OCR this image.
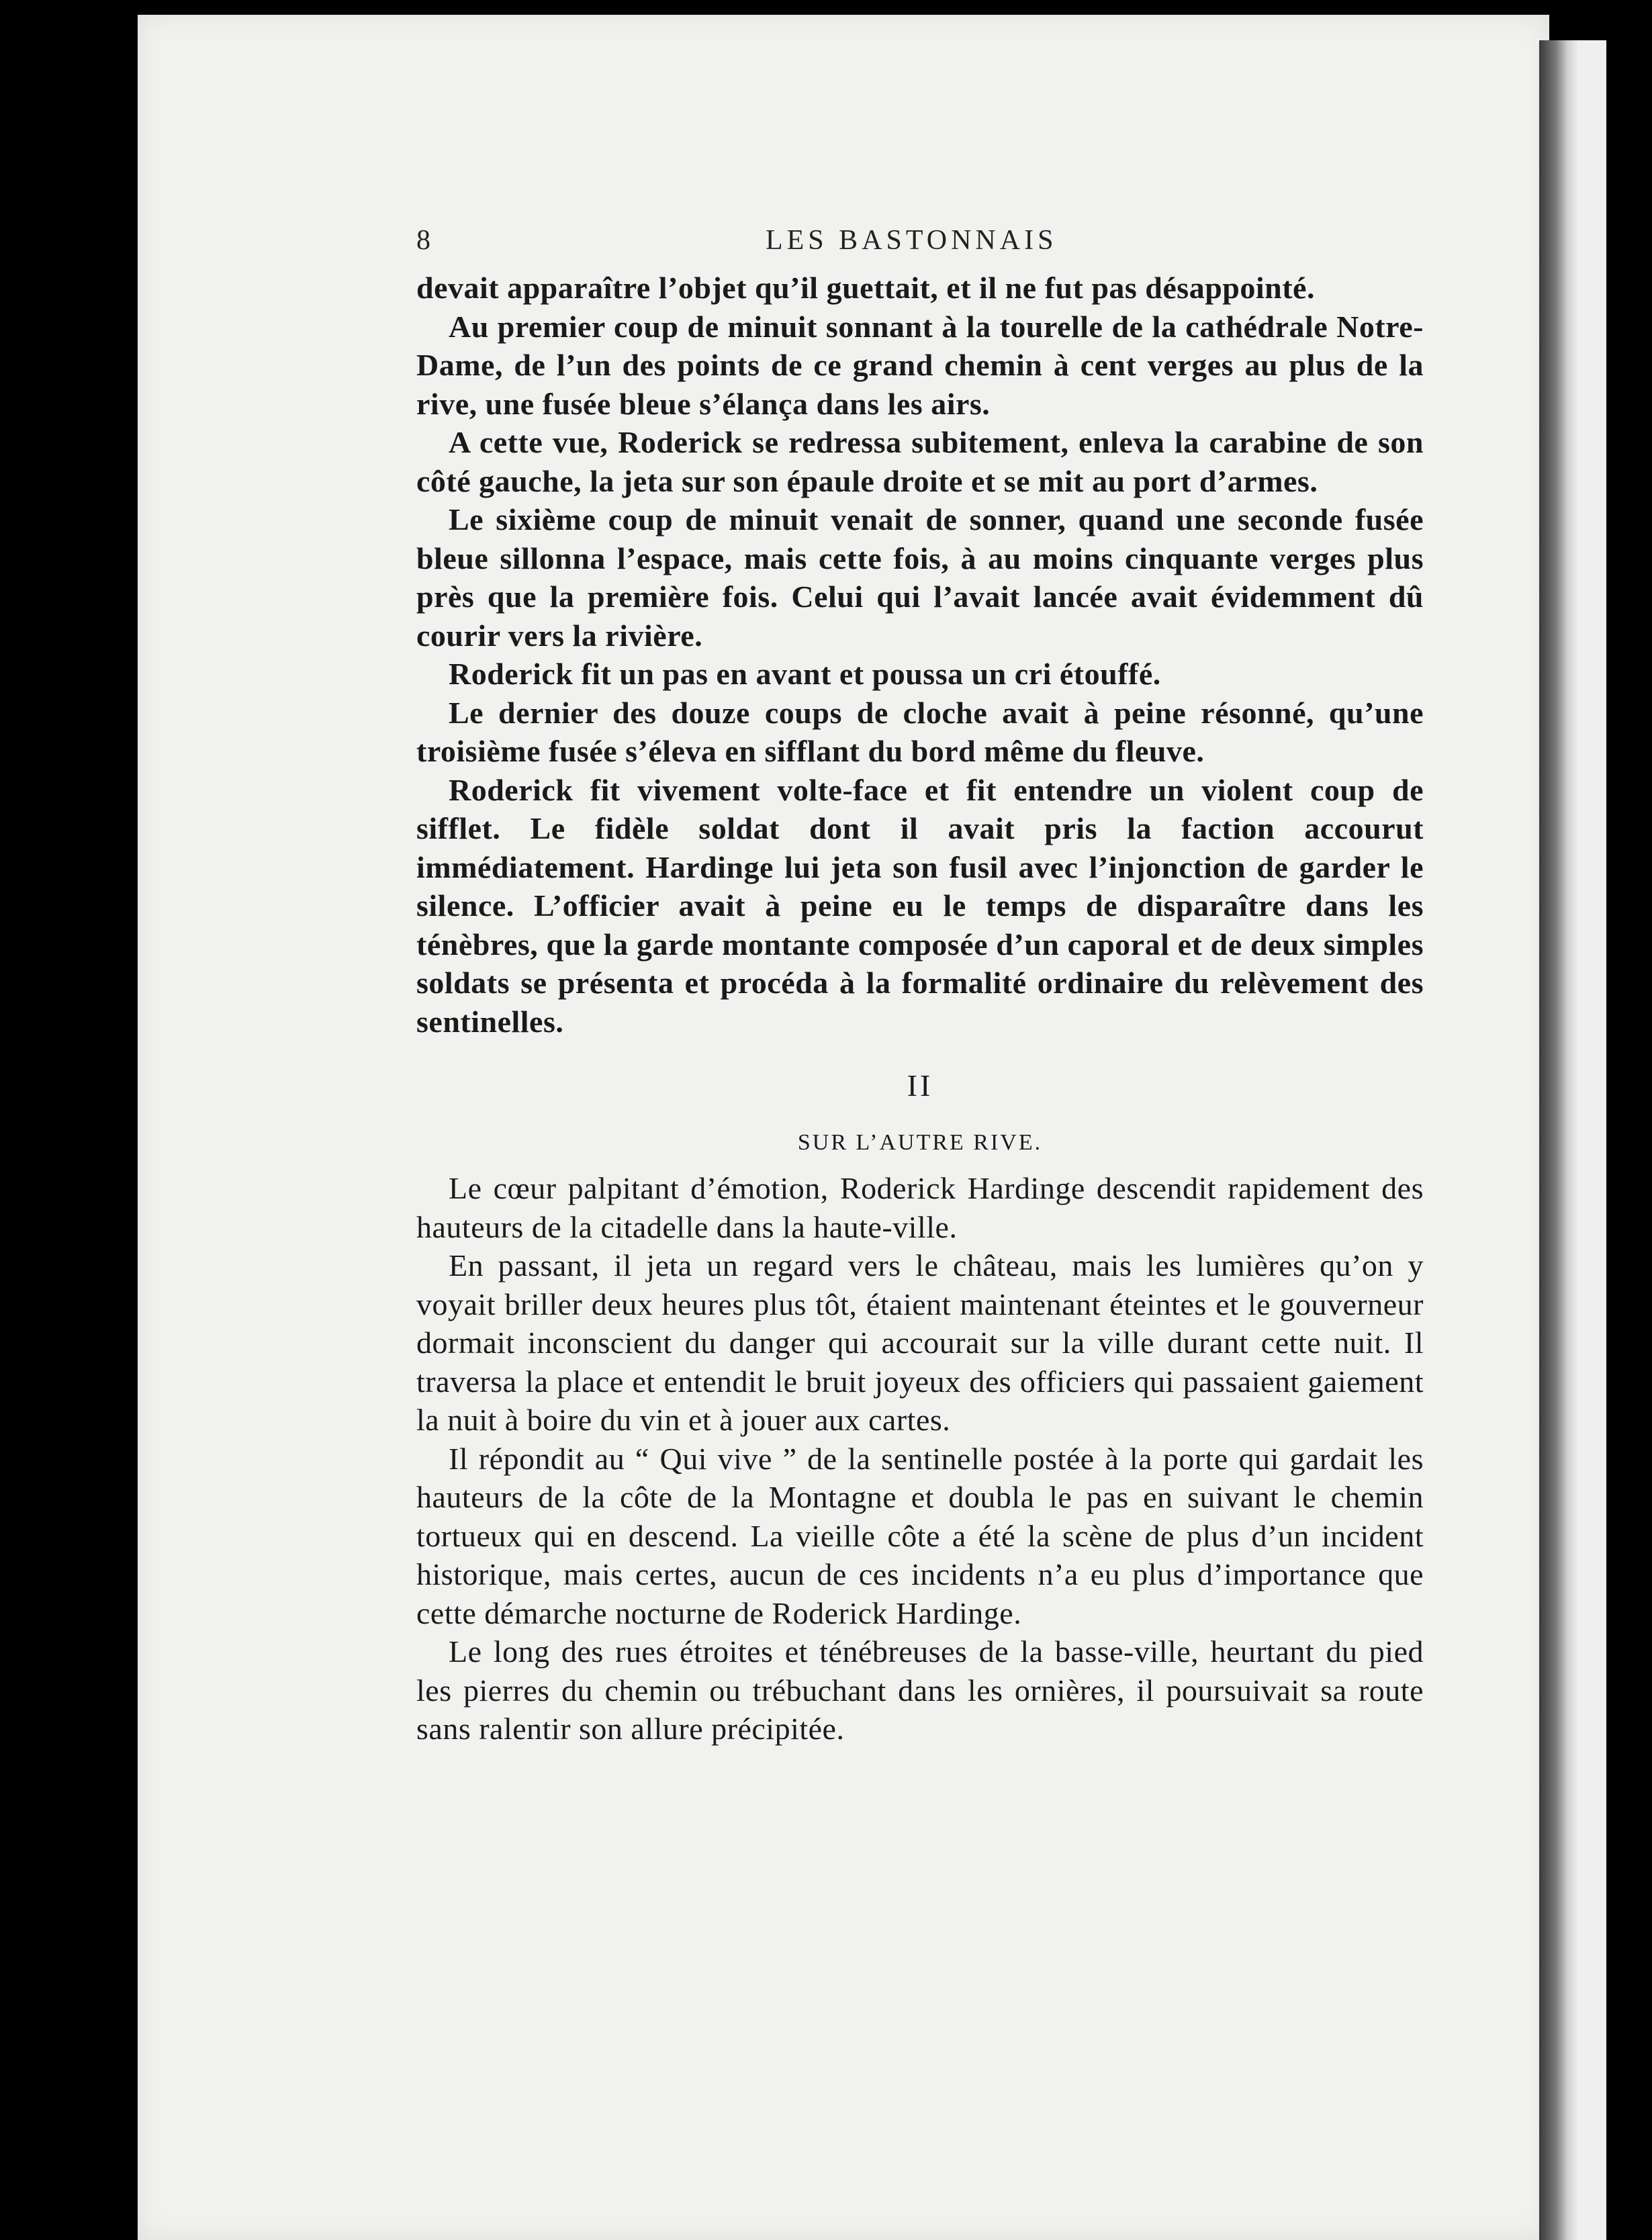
8	LES BASTONNAIS

devait apparaître l’objet qu’il guettait, et il ne fut pas désappointé.

Au premier coup de minuit sonnant à la tourelle de la cathédrale Notre-Dame, de l’un des points de ce grand chemin à cent verges au plus de la rive, une fusée bleue s’élança dans les airs.

A cette vue, Roderick se redressa subitement, enleva la carabine de son côté gauche, la jeta sur son épaule droite et se mit au port d’armes.

Le sixième coup de minuit venait de sonner, quand une seconde fusée bleue sillonna l’espace, mais cette fois, à au moins cinquante verges plus près que la première fois. Celui qui l’avait lancée avait évidemment dû courir vers la rivière.

Roderick fit un pas en avant et poussa un cri étouffé.

Le dernier des douze coups de cloche avait à peine résonné, qu’une troisième fusée s’éleva en sifflant du bord même du fleuve.

Roderick fit vivement volte-face et fit entendre un violent coup de sifflet. Le fidèle soldat dont il avait pris la faction accourut immédiatement. Hardinge lui jeta son fusil avec l’injonction de garder le silence. L’officier avait à peine eu le temps de disparaître dans les ténèbres, que la garde montante composée d’un caporal et de deux simples soldats se présenta et procéda à la formalité ordinaire du relèvement des sentinelles.

II
SUR L’AUTRE RIVE.

Le cœur palpitant d’émotion, Roderick Hardinge descendit rapidement des hauteurs de la citadelle dans la haute-ville.

En passant, il jeta un regard vers le château, mais les lumières qu’on y voyait briller deux heures plus tôt, étaient maintenant éteintes et le gouverneur dormait inconscient du danger qui accourait sur la ville durant cette nuit. Il traversa la place et entendit le bruit joyeux des officiers qui passaient gaiement la nuit à boire du vin et à jouer aux cartes.

Il répondit au “ Qui vive ” de la sentinelle postée à la porte qui gardait les hauteurs de la côte de la Montagne et doubla le pas en suivant le chemin tortueux qui en descend. La vieille côte a été la scène de plus d’un incident historique, mais certes, aucun de ces incidents n’a eu plus d’importance que cette démarche nocturne de Roderick Hardinge.

Le long des rues étroites et ténébreuses de la basse-ville, heurtant du pied les pierres du chemin ou trébuchant dans les ornières, il poursuivait sa route sans ralentir son allure précipitée.
